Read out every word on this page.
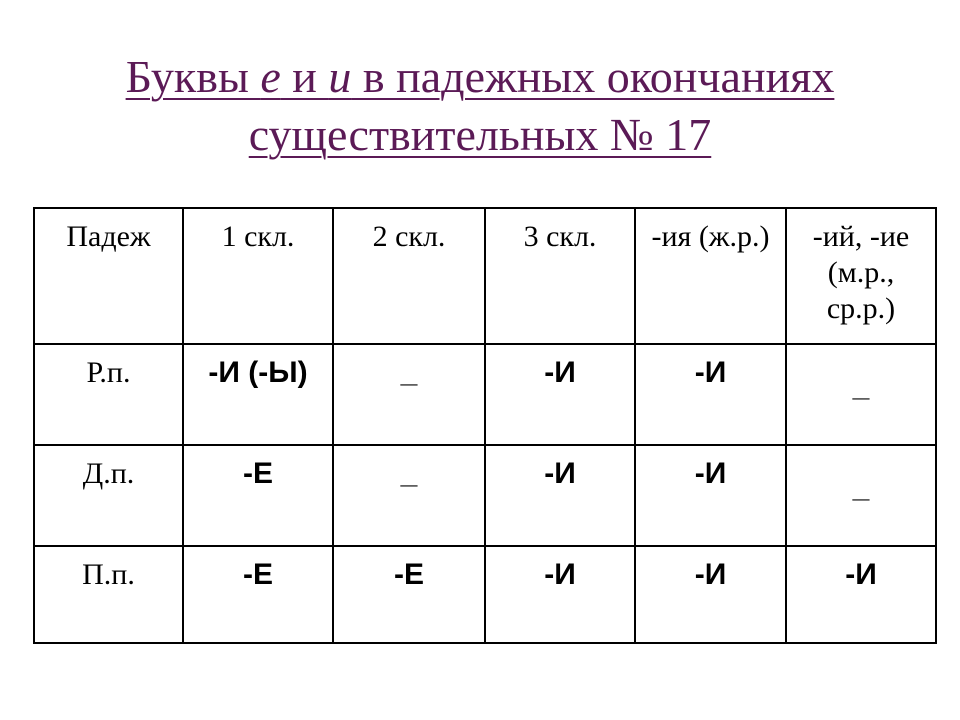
Буквы е и и в падежных окончаниях
существительных № 17
Падеж	1 скл.	2 скл.	3 скл.	-ия (ж.р.)	-ий, -ие (м.р., ср.р.)
Р.п.	-И (-Ы)	_	-И	-И	_
Д.п.	-Е	_	-И	-И	_
П.п.	-Е	-Е	-И	-И	-И
